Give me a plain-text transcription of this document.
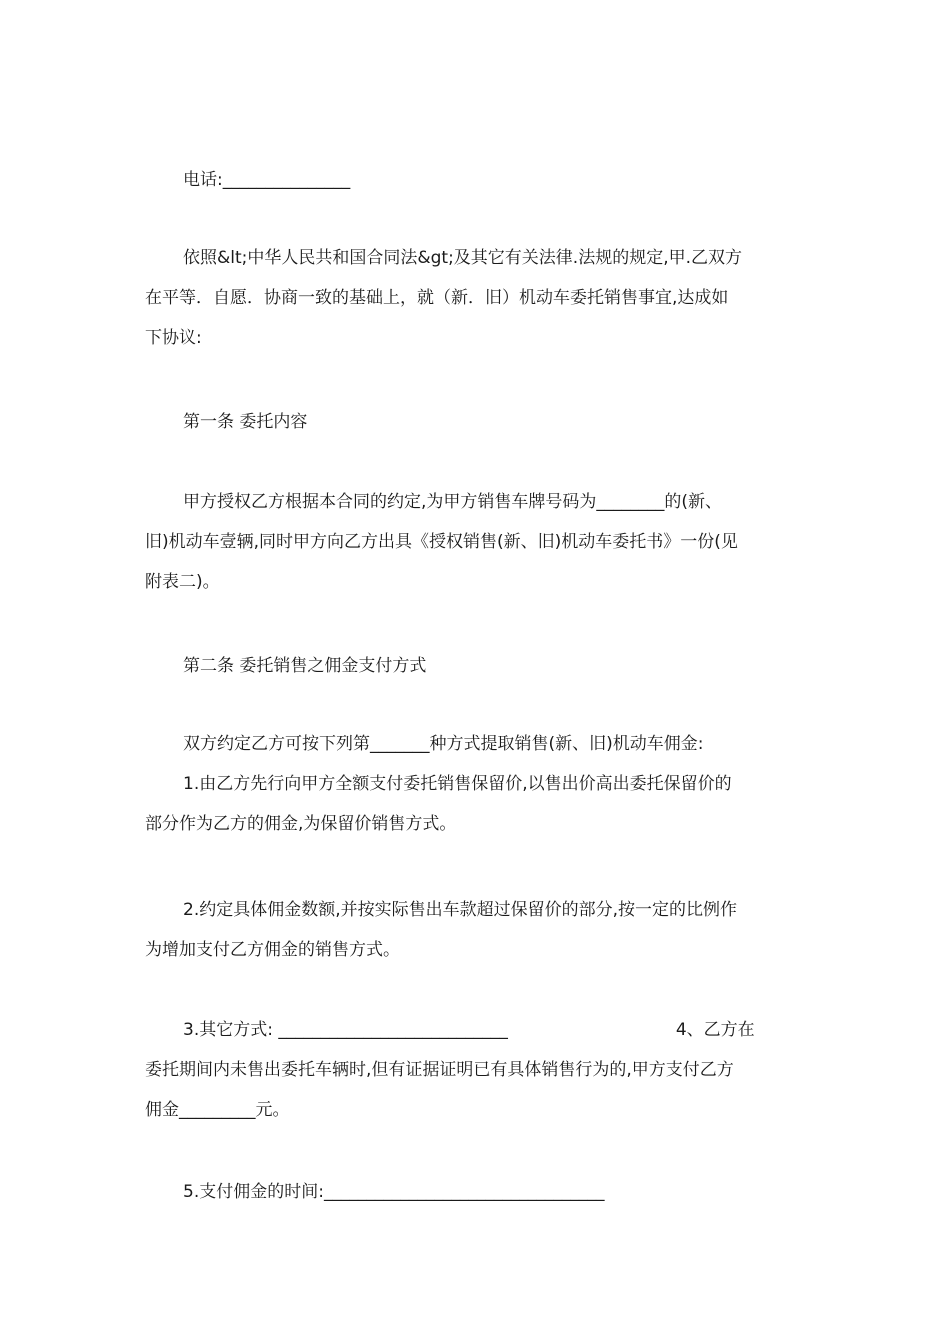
电话:_______________

依照&lt;中华人民共和国合同法&gt;及其它有关法律.法规的规定,甲.乙双方
在平等．自愿．协商一致的基础上，就（新．旧）机动车委托销售事宜,达成如
下协议:

第一条 委托内容

甲方授权乙方根据本合同的约定,为甲方销售车牌号码为________的(新、
旧)机动车壹辆,同时甲方向乙方出具《授权销售(新、旧)机动车委托书》一份(见
附表二)。

第二条 委托销售之佣金支付方式

双方约定乙方可按下列第_______种方式提取销售(新、旧)机动车佣金:
1.由乙方先行向甲方全额支付委托销售保留价,以售出价高出委托保留价的
部分作为乙方的佣金,为保留价销售方式。

2.约定具体佣金数额,并按实际售出车款超过保留价的部分,按一定的比例作
为增加支付乙方佣金的销售方式。

3.其它方式: ___________________________	4、乙方在
委托期间内未售出委托车辆时,但有证据证明已有具体销售行为的,甲方支付乙方
佣金_________元。

5.支付佣金的时间:_________________________________
